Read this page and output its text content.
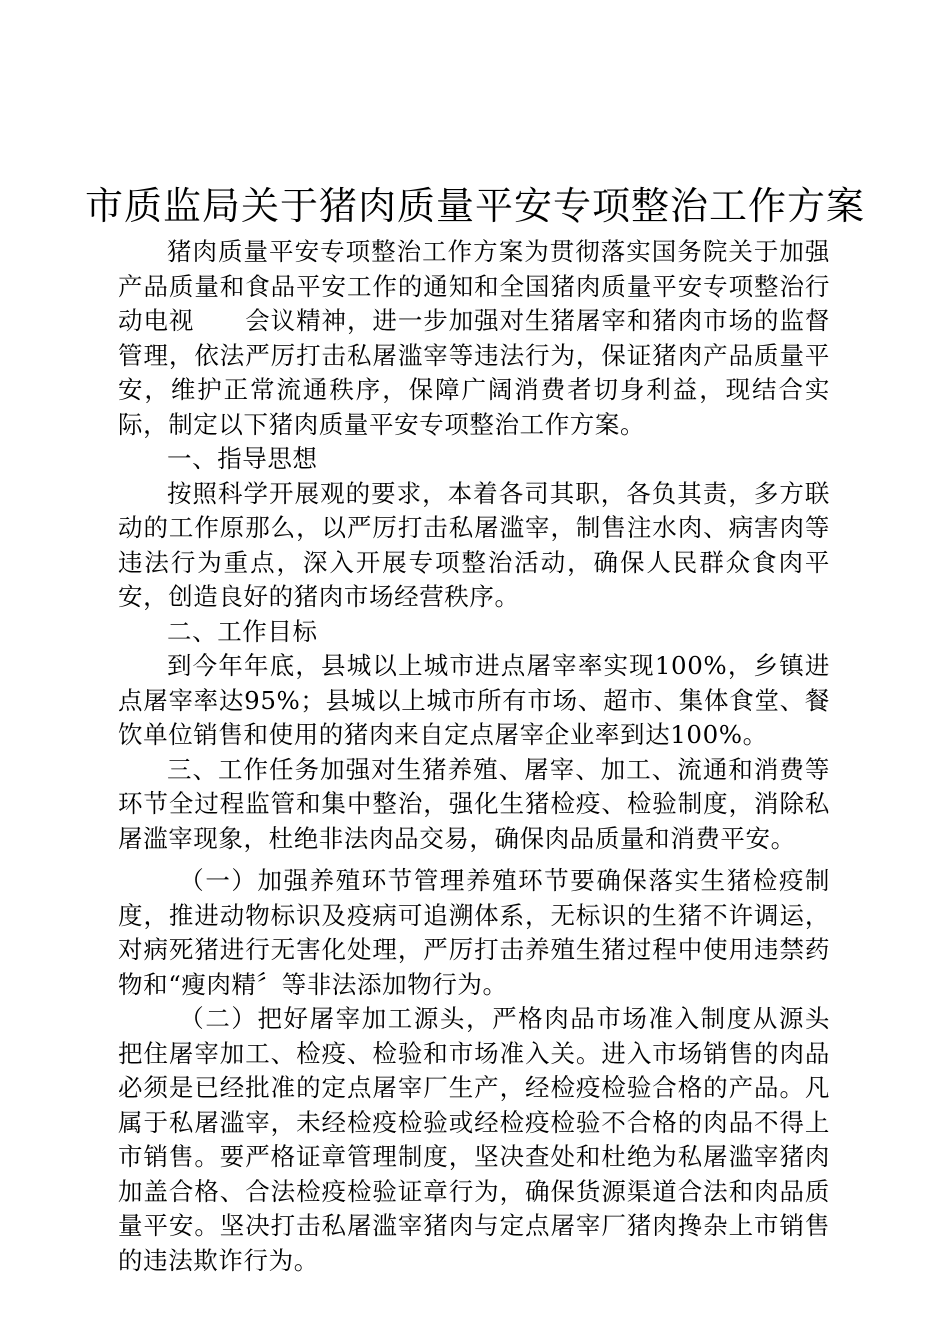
市质监局关于猪肉质量平安专项整治工作方案

猪肉质量平安专项整治工作方案为贯彻落实国务院关于加强产品质量和食品平安工作的通知和全国猪肉质量平安专项整治行动电视　　会议精神，进一步加强对生猪屠宰和猪肉市场的监督管理，依法严厉打击私屠滥宰等违法行为，保证猪肉产品质量平安，维护正常流通秩序，保障广阔消费者切身利益，现结合实际，制定以下猪肉质量平安专项整治工作方案。

一、指导思想

按照科学开展观的要求，本着各司其职，各负其责，多方联动的工作原那么，以严厉打击私屠滥宰，制售注水肉、病害肉等违法行为重点，深入开展专项整治活动，确保人民群众食肉平安，创造良好的猪肉市场经营秩序。

二、工作目标

到今年年底，县城以上城市进点屠宰率实现100%，乡镇进点屠宰率达95%；县城以上城市所有市场、超市、集体食堂、餐饮单位销售和使用的猪肉来自定点屠宰企业率到达100%。

三、工作任务加强对生猪养殖、屠宰、加工、流通和消费等环节全过程监管和集中整治，强化生猪检疫、检验制度，消除私屠滥宰现象，杜绝非法肉品交易，确保肉品质量和消费平安。

（一）加强养殖环节管理养殖环节要确保落实生猪检疫制度，推进动物标识及疫病可追溯体系，无标识的生猪不许调运，对病死猪进行无害化处理，严厉打击养殖生猪过程中使用违禁药物和“瘦肉精〞等非法添加物行为。

（二）把好屠宰加工源头，严格肉品市场准入制度从源头把住屠宰加工、检疫、检验和市场准入关。进入市场销售的肉品必须是已经批准的定点屠宰厂生产，经检疫检验合格的产品。凡属于私屠滥宰，未经检疫检验或经检疫检验不合格的肉品不得上市销售。要严格证章管理制度，坚决查处和杜绝为私屠滥宰猪肉加盖合格、合法检疫检验证章行为，确保货源渠道合法和肉品质量平安。坚决打击私屠滥宰猪肉与定点屠宰厂猪肉搀杂上市销售的违法欺诈行为。
